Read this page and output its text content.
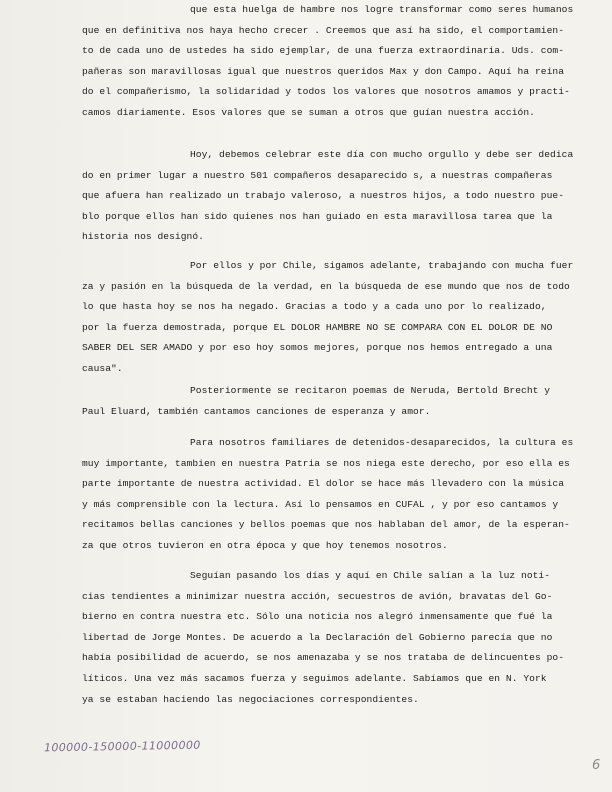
que esta huelga de hambre nos logre transformar como seres humanos
que en definitiva nos haya hecho crecer . Creemos que así ha sido, el comportamien-
to de cada uno de ustedes ha sido ejemplar, de una fuerza extraordinaria. Uds. com-
pañeras son maravillosas igual que nuestros queridos Max y don Campo. Aquí ha reina
do el compañerismo, la solidaridad y todos los valores que nosotros amamos y practi-
camos diariamente. Esos valores que se suman a otros que guían nuestra acción.
Hoy, debemos celebrar este día con mucho orgullo y debe ser dedica
do en primer lugar a nuestro 501 compañeros desaparecido s, a nuestras compañeras
que afuera han realizado un trabajo valeroso, a nuestros hijos, a todo nuestro pue-
blo porque ellos han sido quienes nos han guiado en esta maravillosa tarea que la
historia nos designó.
Por ellos y por Chile, sigamos adelante, trabajando con mucha fuer
za y pasión en la búsqueda de la verdad, en la búsqueda de ese mundo que nos de todo
lo que hasta hoy se nos ha negado. Gracias a todo y a cada uno por lo realizado,
por la fuerza demostrada, porque EL DOLOR HAMBRE NO SE COMPARA CON EL DOLOR DE NO
SABER DEL SER AMADO y por eso hoy somos mejores, porque nos hemos entregado a una
causa".
Posteriormente se recitaron poemas de Neruda, Bertold Brecht y
Paul Eluard, también cantamos canciones de esperanza y amor.
Para nosotros familiares de detenidos-desaparecidos, la cultura es
muy importante, tambien en nuestra Patria se nos niega este derecho, por eso ella es
parte importante de nuestra actividad. El dolor se hace más llevadero con la música
y más comprensible con la lectura. Así lo pensamos en CUFAL , y por eso cantamos y
recitamos bellas canciones y bellos poemas que nos hablaban del amor, de la esperan-
za que otros tuvieron en otra época y que hoy tenemos nosotros.
Seguían pasando los días y aquí en Chile salían a la luz noti-
cias tendientes a minimizar nuestra acción, secuestros de avión, bravatas del Go-
bierno en contra nuestra etc. Sólo una noticia nos alegró inmensamente que fué la
libertad de Jorge Montes. De acuerdo a la Declaración del Gobierno parecía que no
había posibilidad de acuerdo, se nos amenazaba y se nos trataba de delincuentes po-
líticos. Una vez más sacamos fuerza y seguimos adelante. Sabíamos que en N. York
ya se estaban haciendo las negociaciones correspondientes.
100000-150000-11000000
6
